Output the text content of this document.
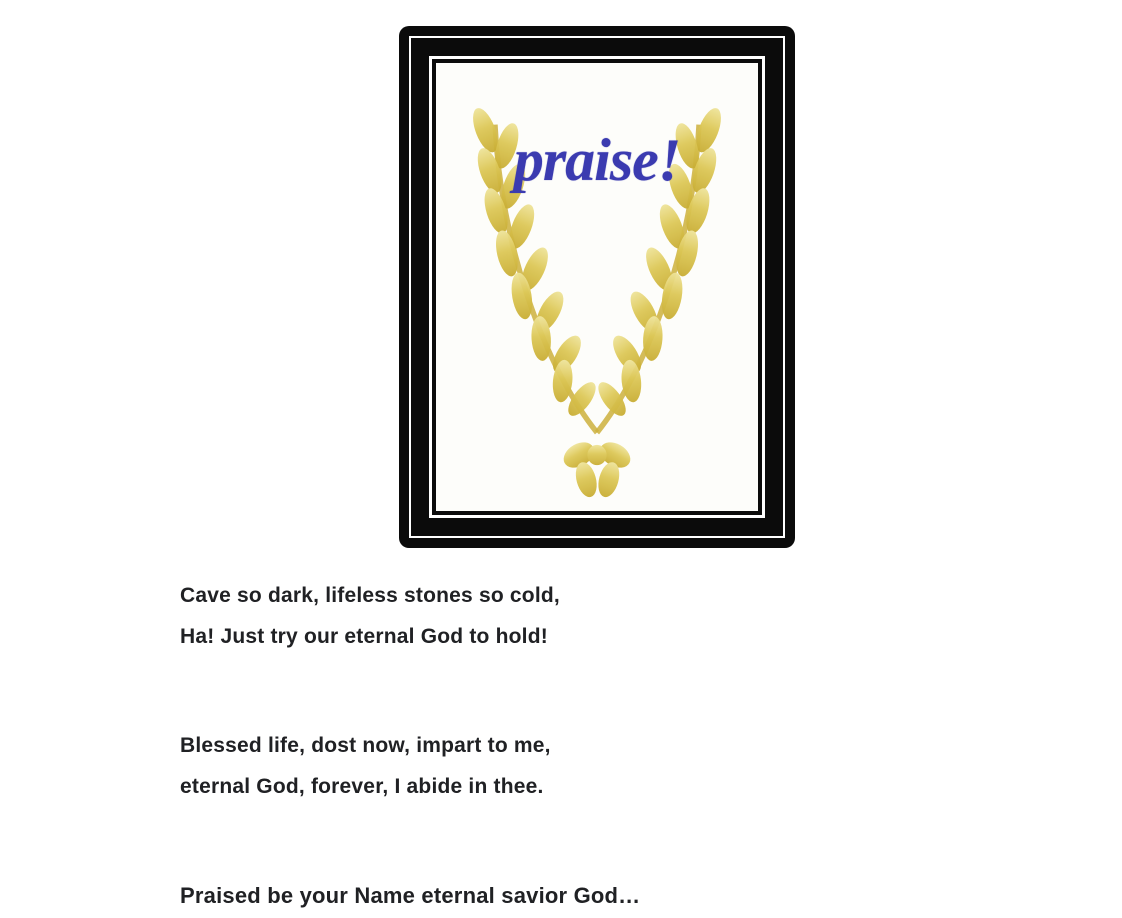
praise!
Cave so dark, lifeless stones so cold,
Ha! Just try our eternal God to hold!
Blessed life, dost now, impart to me,
eternal God, forever, I abide in thee.
Praised be your Name eternal savior God…
